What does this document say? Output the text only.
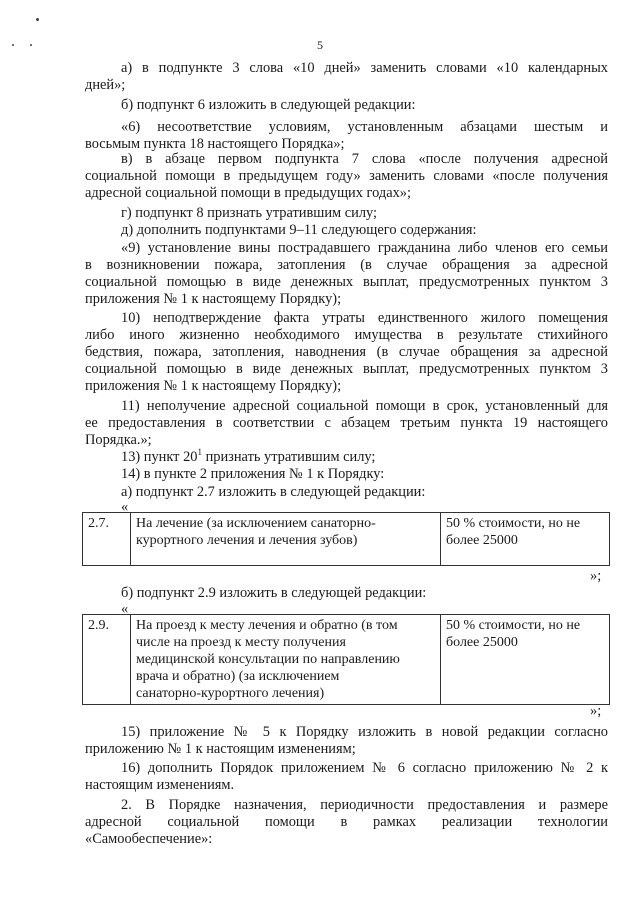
5
а) в подпункте 3 слова «10 дней» заменить словами «10 календарных
дней»;
б) подпункт 6 изложить в следующей редакции:
«6) несоответствие условиям, установленным абзацами шестым и
восьмым пункта 18 настоящего Порядка»;
в) в абзаце первом подпункта 7 слова «после получения адресной
социальной помощи в предыдущем году» заменить словами «после получения
адресной социальной помощи в предыдущих годах»;
г) подпункт 8 признать утратившим силу;
д) дополнить подпунктами 9–11 следующего содержания:
«9) установление вины пострадавшего гражданина либо членов его семьи
в возникновении пожара, затопления (в случае обращения за адресной
социальной помощью в виде денежных выплат, предусмотренных пунктом 3
приложения № 1 к настоящему Порядку);
10) неподтверждение факта утраты единственного жилого помещения
либо иного жизненно необходимого имущества в результате стихийного
бедствия, пожара, затопления, наводнения (в случае обращения за адресной
социальной помощью в виде денежных выплат, предусмотренных пунктом 3
приложения № 1 к настоящему Порядку);
11) неполучение адресной социальной помощи в срок, установленный для
ее предоставления в соответствии с абзацем третьим пункта 19 настоящего
Порядка.»;
13) пункт $20^1$ признать утратившим силу;
14) в пункте 2 приложения № 1 к Порядку:
а) подпункт 2.7 изложить в следующей редакции:
«
2.7.	На лечение (за исключением санаторно-
курортного лечения и лечения зубов)

50 % стоимости, но не
более 25000
»;
б) подпункт 2.9 изложить в следующей редакции:
«
2.9.	На проезд к месту лечения и обратно (в том
числе на проезд к месту получения
медицинской консультации по направлению
врача и обратно) (за исключением
санаторно-курортного лечения)

50 % стоимости, но не
более 25000
»;
15) приложение № 5 к Порядку изложить в новой редакции согласно
приложению № 1 к настоящим изменениям;
16) дополнить Порядок приложением № 6 согласно приложению № 2 к
настоящим изменениям.
2. В Порядке назначения, периодичности предоставления и размере
адресной социальной помощи в рамках реализации технологии
«Самообеспечение»:
